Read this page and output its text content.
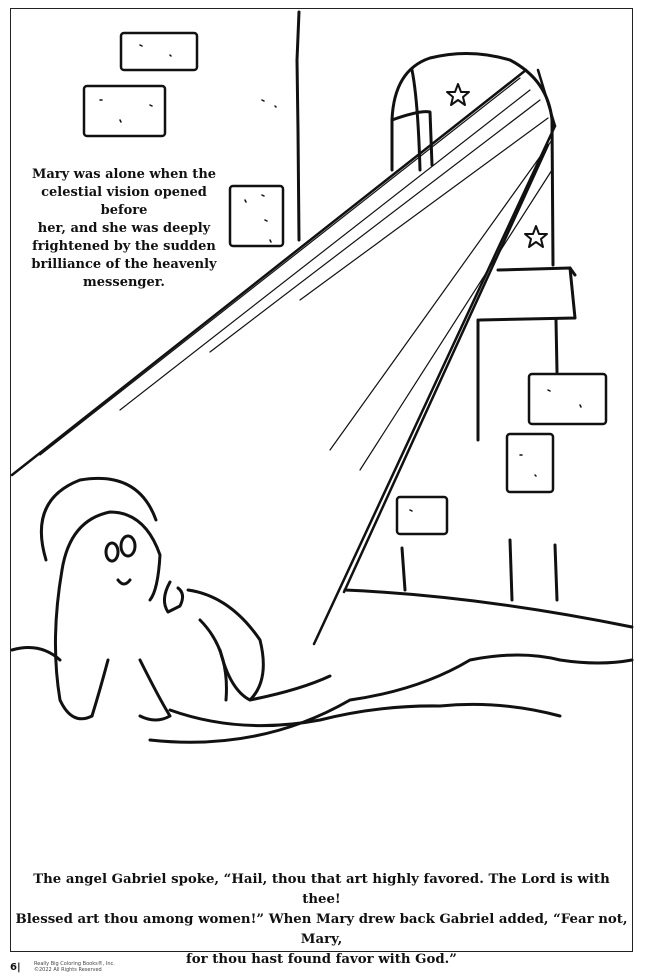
Mary was alone when the
celestial vision opened before
her, and she was deeply
frightened by the sudden
brilliance of the heavenly
messenger.
The angel Gabriel spoke, “Hail, thou that art highly favored. The Lord is with thee!
Blessed art thou among women!” When Mary drew back Gabriel added, “Fear not, Mary,
for thou hast found favor with God.”
6|	Really Big Coloring Books®, Inc.
©2022 All Rights Reserved
